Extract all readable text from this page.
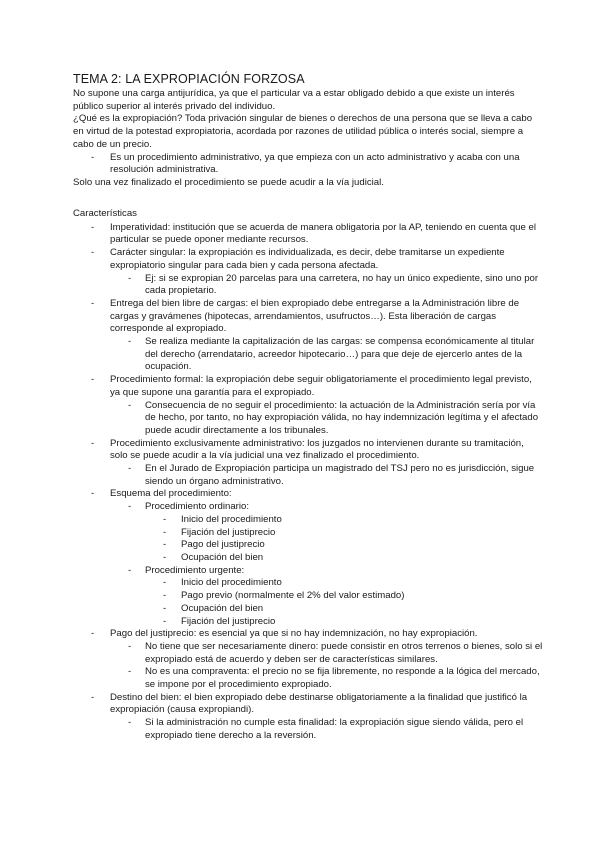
TEMA 2: LA EXPROPIACIÓN FORZOSA

No supone una carga antijurídica, ya que el particular va a estar obligado debido a que existe un interés público superior al interés privado del individuo.

¿Qué es la expropiación? Toda privación singular de bienes o derechos de una persona que se lleva a cabo en virtud de la potestad expropiatoria, acordada por razones de utilidad pública o interés social, siempre a cabo de un precio.

- Es un procedimiento administrativo, ya que empieza con un acto administrativo y acaba con una resolución administrativa.

Solo una vez finalizado el procedimiento se puede acudir a la vía judicial.

Características

- Imperatividad: institución que se acuerda de manera obligatoria por la AP, teniendo en cuenta que el particular se puede oponer mediante recursos.
- Carácter singular: la expropiación es individualizada, es decir, debe tramitarse un expediente expropiatorio singular para cada bien y cada persona afectada.
- Ej: si se expropian 20 parcelas para una carretera, no hay un único expediente, sino uno por cada propietario.
- Entrega del bien libre de cargas: el bien expropiado debe entregarse a la Administración libre de cargas y gravámenes (hipotecas, arrendamientos, usufructos…). Esta liberación de cargas corresponde al expropiado.
- Se realiza mediante la capitalización de las cargas: se compensa económicamente al titular del derecho (arrendatario, acreedor hipotecario…) para que deje de ejercerlo antes de la ocupación.
- Procedimiento formal: la expropiación debe seguir obligatoriamente el procedimiento legal previsto, ya que supone una garantía para el expropiado.
- Consecuencia de no seguir el procedimiento: la actuación de la Administración sería por vía de hecho, por tanto, no hay expropiación válida, no hay indemnización legítima y el afectado puede acudir directamente a los tribunales.
- Procedimiento exclusivamente administrativo: los juzgados no intervienen durante su tramitación, solo se puede acudir a la vía judicial una vez finalizado el procedimiento.
- En el Jurado de Expropiación participa un magistrado del TSJ pero no es jurisdicción, sigue siendo un órgano administrativo.
- Esquema del procedimiento:
- Procedimiento ordinario:
- Inicio del procedimiento
- Fijación del justiprecio
- Pago del justiprecio
- Ocupación del bien
- Procedimiento urgente:
- Inicio del procedimiento
- Pago previo (normalmente el 2% del valor estimado)
- Ocupación del bien
- Fijación del justiprecio
- Pago del justiprecio: es esencial ya que si no hay indemnización, no hay expropiación.
- No tiene que ser necesariamente dinero: puede consistir en otros terrenos o bienes, solo si el expropiado está de acuerdo y deben ser de características similares.
- No es una compraventa: el precio no se fija libremente, no responde a la lógica del mercado, se impone por el procedimiento expropiado.
- Destino del bien: el bien expropiado debe destinarse obligatoriamente a la finalidad que justificó la expropiación (causa expropiandi).
- Si la administración no cumple esta finalidad: la expropiación sigue siendo válida, pero el expropiado tiene derecho a la reversión.
